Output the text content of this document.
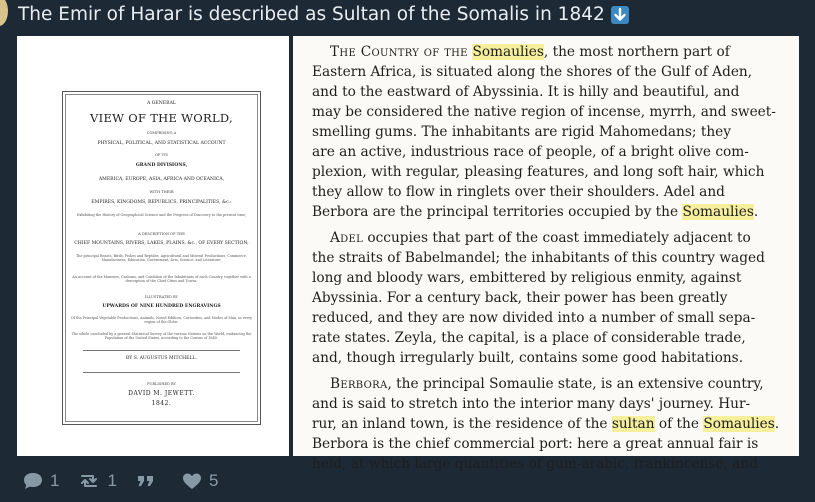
The Emir of Harar is described as Sultan of the Somalis in 1842
A GENERAL
VIEW OF THE WORLD,
COMPRISING A
PHYSICAL, POLITICAL, AND STATISTICAL ACCOUNT
OF ITS
GRAND DIVISIONS,
AMERICA, EUROPE, ASIA, AFRICA AND OCEANICA,
WITH THEIR
EMPIRES, KINGDOMS, REPUBLICS, PRINCIPALITIES, &c.:
Exhibiting the History of Geographical Science and the Progress of Discovery to the present time;
A DESCRIPTION OF THE
CHIEF MOUNTAINS, RIVERS, LAKES, PLAINS, &c., OF EVERY SECTION;
The principal Beasts, Birds, Fishes and Reptiles; Agricultural and Mineral Productions; Commerce, Manufactures, Education, Government, Arts, Science, and Literature;
An account of the Manners, Customs, and Condition of the Inhabitants of each Country, together with a description of the Chief Cities and Towns.
ILLUSTRATED BY
UPWARDS OF NINE HUNDRED ENGRAVINGS
Of the Principal Vegetable Productions, Animals, Noted Edifices, Curiosities, and Modes of Man, in every region of the Globe.
The whole concluded by a general Statistical Survey of the various Nations on the World, embracing the Population of the United States, according to the Census of 1840.
BY S. AUGUSTUS MITCHELL.
PUBLISHED BY
DAVID M. JEWETT.
1842.
The Country of the Somaulies, the most northern part of
Eastern Africa, is situated along the shores of the Gulf of Aden,
and to the eastward of Abyssinia. It is hilly and beautiful, and
may be considered the native region of incense, myrrh, and sweet-
smelling gums. The inhabitants are rigid Mahomedans; they
are an active, industrious race of people, of a bright olive com-
plexion, with regular, pleasing features, and long soft hair, which
they allow to flow in ringlets over their shoulders. Adel and
Berbora are the principal territories occupied by the Somaulies.
Adel occupies that part of the coast immediately adjacent to
the straits of Babelmandel; the inhabitants of this country waged
long and bloody wars, embittered by religious enmity, against
Abyssinia. For a century back, their power has been greatly
reduced, and they are now divided into a number of small sepa-
rate states. Zeyla, the capital, is a place of considerable trade,
and, though irregularly built, contains some good habitations.
Berbora, the principal Somaulie state, is an extensive country,
and is said to stretch into the interior many days' journey. Hur-
rur, an inland town, is the residence of the sultan of the Somaulies.
Berbora is the chief commercial port: here a great annual fair is
held, at which large quantities of gum-arabic, frankincense, and
1	1	5
